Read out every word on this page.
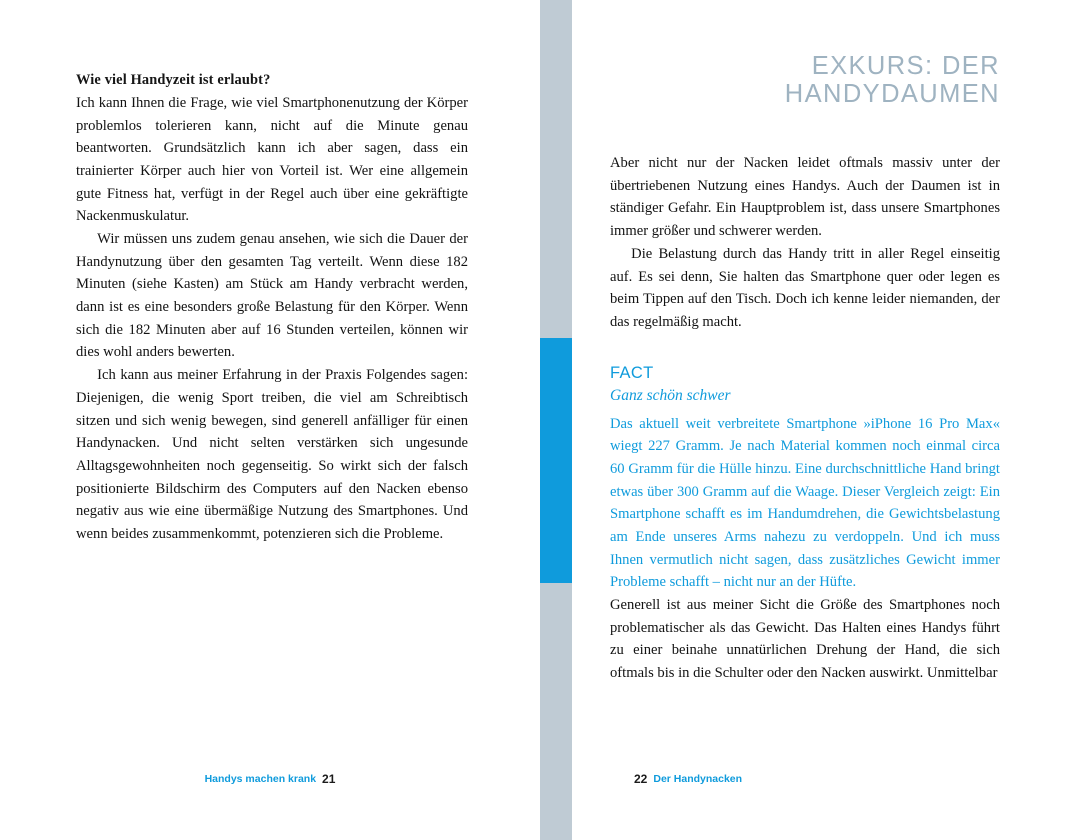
Wie viel Handyzeit ist erlaubt?

Ich kann Ihnen die Frage, wie viel Smartphonenutzung der Körper problemlos tolerieren kann, nicht auf die Minute genau beantworten. Grundsätzlich kann ich aber sagen, dass ein trainierter Körper auch hier von Vorteil ist. Wer eine allgemein gute Fitness hat, verfügt in der Regel auch über eine gekräftigte Nackenmuskulatur.

Wir müssen uns zudem genau ansehen, wie sich die Dauer der Handynutzung über den gesamten Tag verteilt. Wenn diese 182 Minuten (siehe Kasten) am Stück am Handy verbracht werden, dann ist es eine besonders große Belastung für den Körper. Wenn sich die 182 Minuten aber auf 16 Stunden verteilen, können wir dies wohl anders bewerten.

Ich kann aus meiner Erfahrung in der Praxis Folgendes sagen: Diejenigen, die wenig Sport treiben, die viel am Schreibtisch sitzen und sich wenig bewegen, sind generell anfälliger für einen Handynacken. Und nicht selten verstärken sich ungesunde Alltagsgewohnheiten noch gegenseitig. So wirkt sich der falsch positionierte Bildschirm des Computers auf den Nacken ebenso negativ aus wie eine übermäßige Nutzung des Smartphones. Und wenn beides zusammenkommt, potenzieren sich die Probleme.

Handys machen krank 21
EXKURS: DER HANDYDAUMEN

Aber nicht nur der Nacken leidet oftmals massiv unter der übertriebenen Nutzung eines Handys. Auch der Daumen ist in ständiger Gefahr. Ein Hauptproblem ist, dass unsere Smartphones immer größer und schwerer werden.

Die Belastung durch das Handy tritt in aller Regel einseitig auf. Es sei denn, Sie halten das Smartphone quer oder legen es beim Tippen auf den Tisch. Doch ich kenne leider niemanden, der das regelmäßig macht.

FACT
Ganz schön schwer

Das aktuell weit verbreitete Smartphone »iPhone 16 Pro Max« wiegt 227 Gramm. Je nach Material kommen noch einmal circa 60 Gramm für die Hülle hinzu. Eine durchschnittliche Hand bringt etwas über 300 Gramm auf die Waage. Dieser Vergleich zeigt: Ein Smartphone schafft es im Handumdrehen, die Gewichtsbelastung am Ende unseres Arms nahezu zu verdoppeln. Und ich muss Ihnen vermutlich nicht sagen, dass zusätzliches Gewicht immer Probleme schafft – nicht nur an der Hüfte.

Generell ist aus meiner Sicht die Größe des Smartphones noch problematischer als das Gewicht. Das Halten eines Handys führt zu einer beinahe unnatürlichen Drehung der Hand, die sich oftmals bis in die Schulter oder den Nacken auswirkt. Unmittelbar

22 Der Handynacken
